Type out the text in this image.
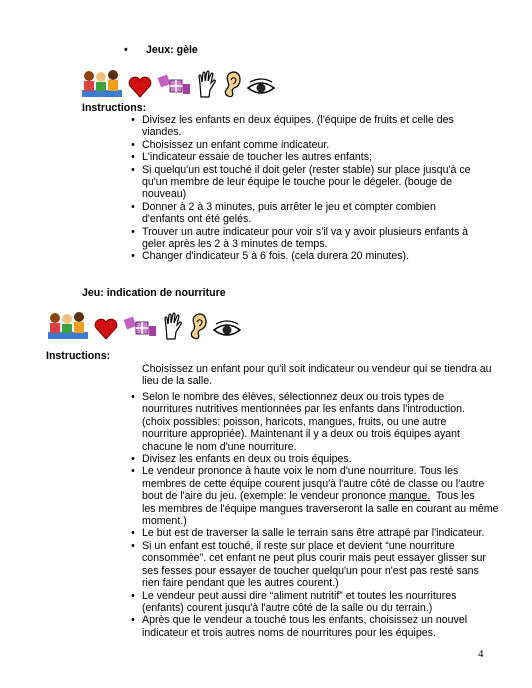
• Jeux: gèle
Instructions:
• Divisez les enfants en deux équipes. (l'équipe de fruits et celle des
viandes.
• Choisissez un enfant comme indicateur.
• L'indicateur essaie de toucher les autres enfants;
• Si quelqu'un est touché il doit geler (rester stable) sur place jusqu'à ce
qu'un membre de leur équipe le touche pour le dégeler. (bouge de
nouveau)
• Donner à 2 à 3 minutes, puis arrêter le jeu et compter combien
d'enfants ont été gelés.
• Trouver un autre indicateur pour voir s'il va y avoir plusieurs enfants à
geler après les 2 à 3 minutes de temps.
• Changer d'indicateur 5 à 6 fois. (cela durera 20 minutes).
Jeu: indication de nourriture
Instructions:
Choisissez un enfant pour qu'il soit indicateur ou vendeur qui se tiendra au
lieu de la salle.
• Selon le nombre des élèves, sélectionnez deux ou trois types de
nourritures nutritives mentionnées par les enfants dans l'introduction.
(choix possibles: poisson, haricots, mangues, fruits, ou une autre
nourriture appropriée). Maintenant il y a deux ou trois équipes ayant
chacune le nom d'une nourriture.
• Divisez les enfants en deux ou trois équipes.
• Le vendeur prononce à haute voix le nom d'une nourriture. Tous les
membres de cette équipe courent jusqu'à l'autre côté de classe ou l'autre
bout de l'aire du jeu. (exemple: le vendeur prononce mangue.  Tous les
les membres de l'équipe mangues traverseront la salle en courant au même
moment.)
• Le but est de traverser la salle le terrain sans être attrapé par l'indicateur.
• Si un enfant est touché, il reste sur place et devient “une nourriture
consommée”. cet enfant ne peut plus courir mais peut essayer glisser sur
ses fesses pour essayer de toucher quelqu'un pour n'est pas resté sans
rien faire pendant que les autres courent.)
• Le vendeur peut aussi dire “aliment nutritif” et toutes les nourritures
(enfants) courent jusqu'à l'autre côté de la salle ou du terrain.)
• Après que le vendeur a touché tous les enfants, choisissez un nouvel
indicateur et trois autres noms de nourritures pour les équipes.
4
